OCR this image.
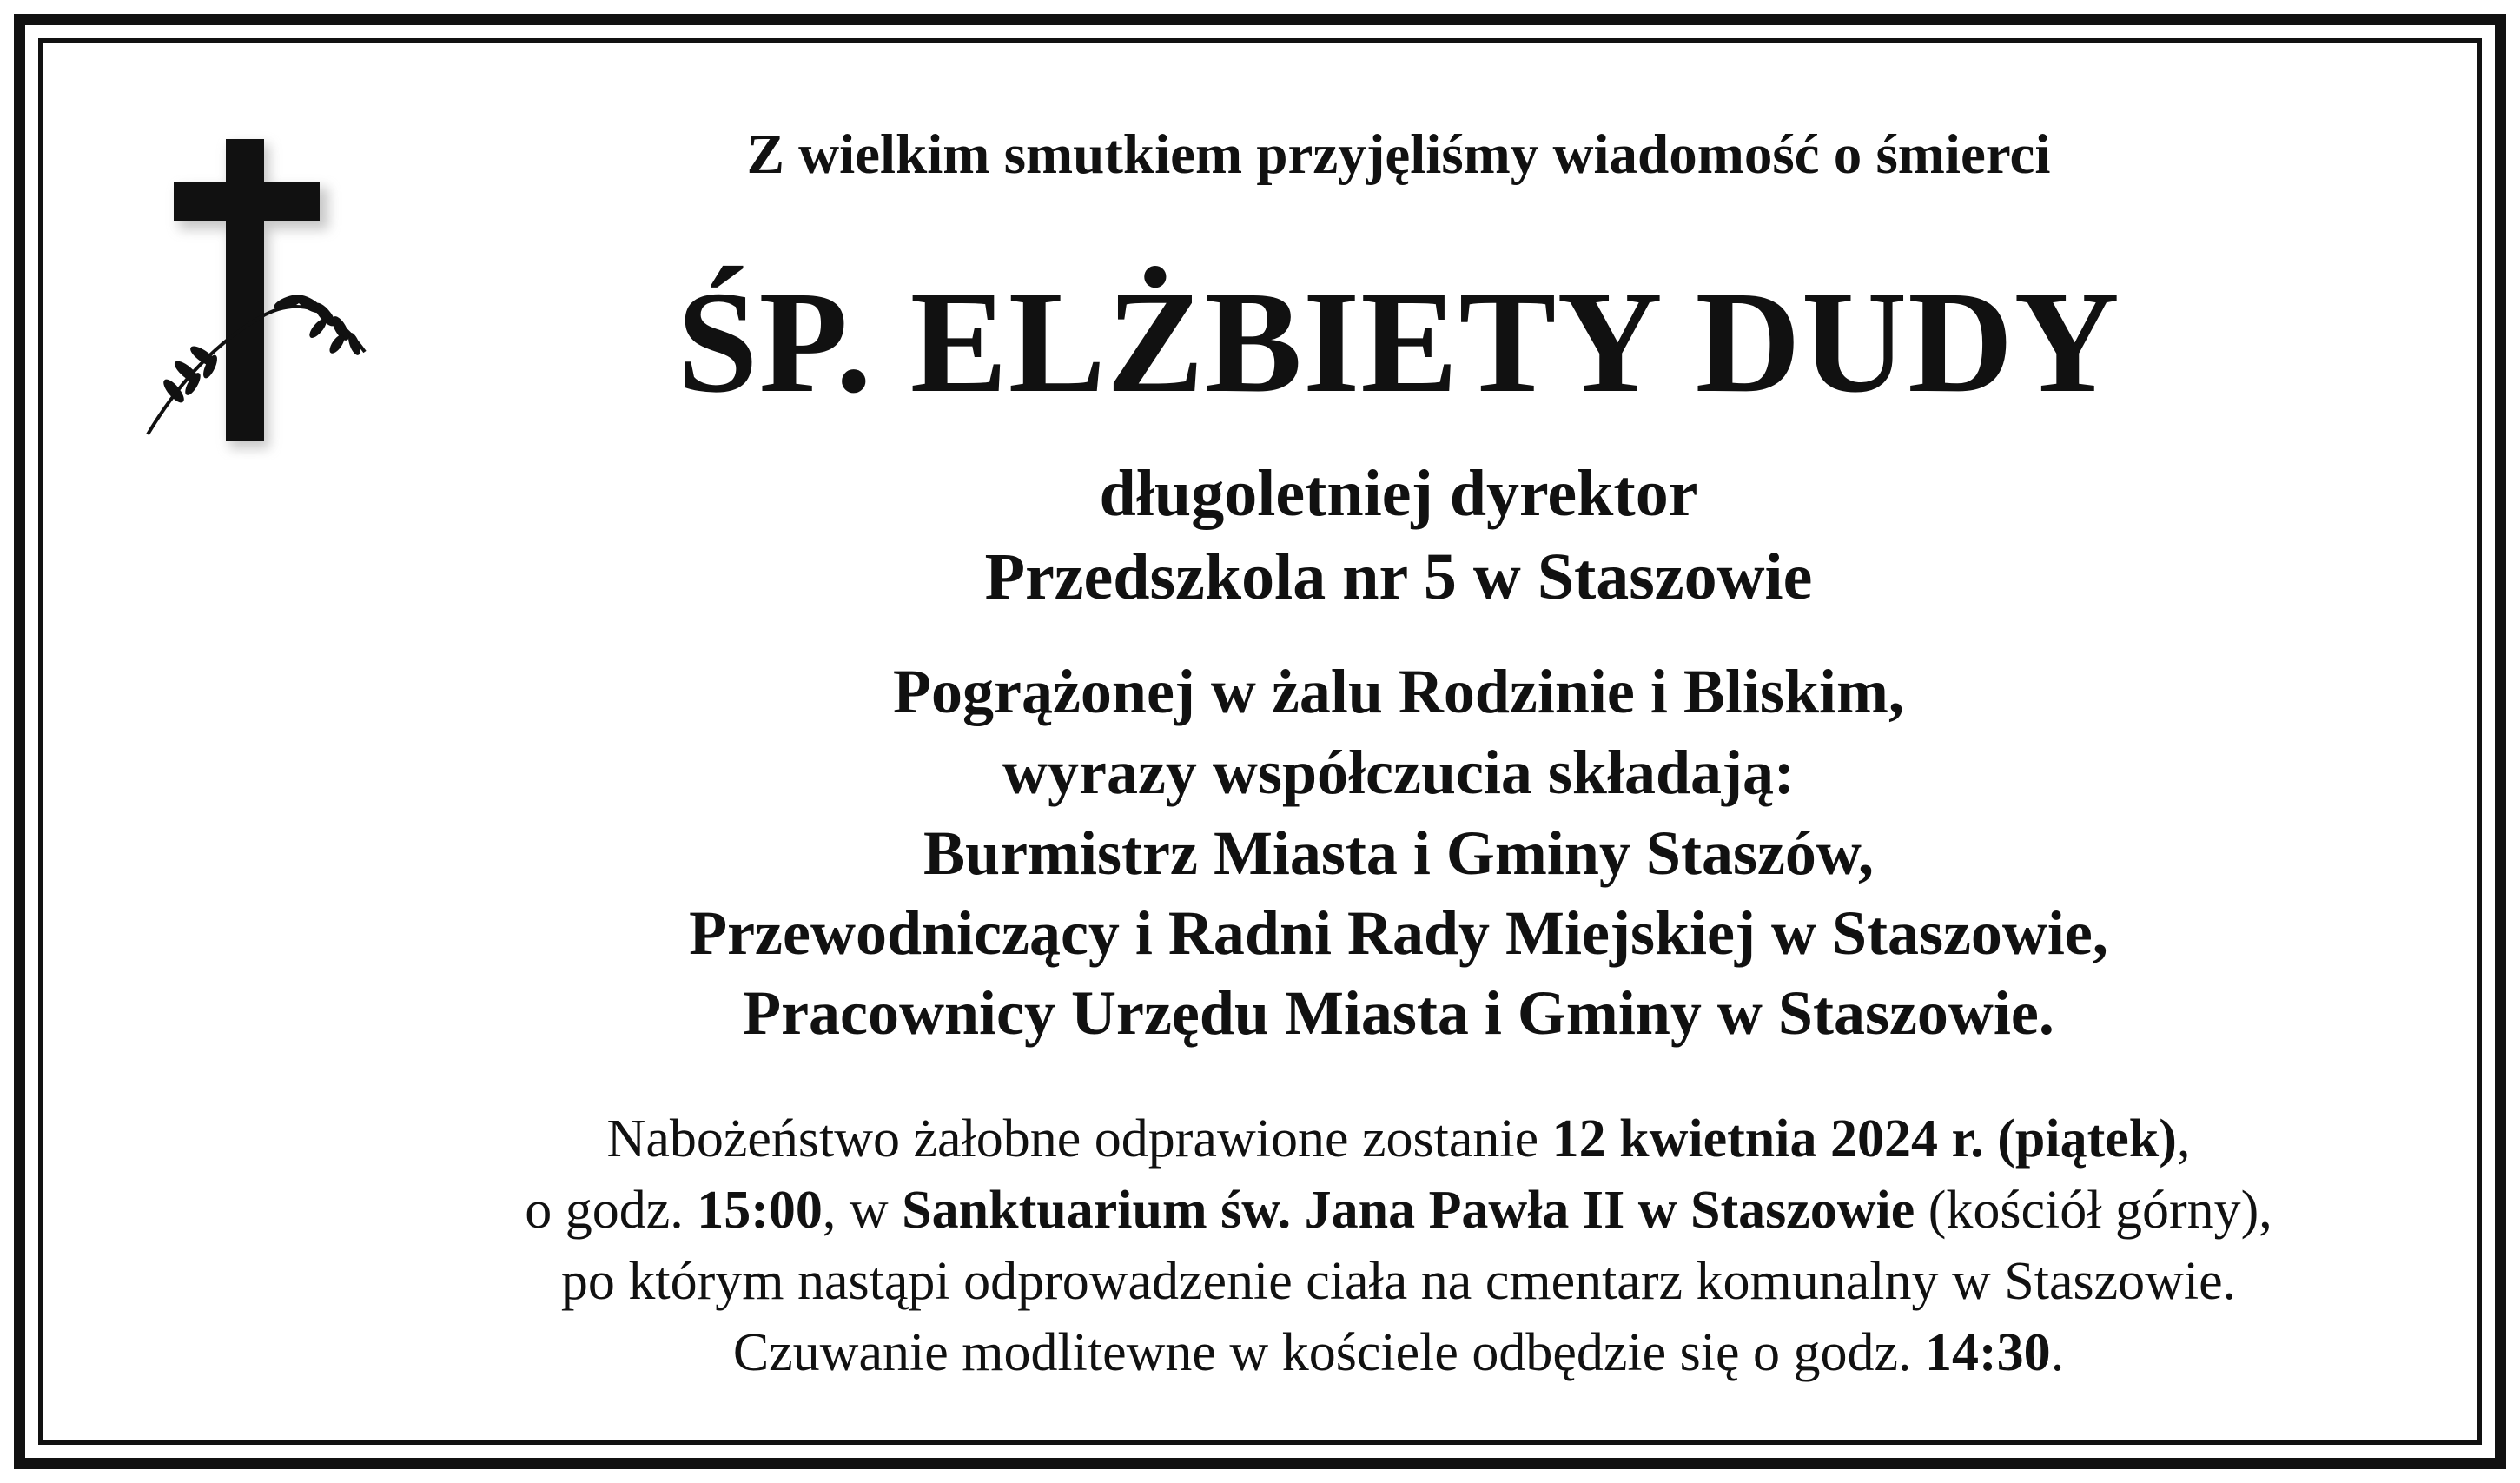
Z wielkim smutkiem przyjęliśmy wiadomość o śmierci
ŚP. ELŻBIETY DUDY
długoletniej dyrektor
Przedszkola nr 5 w Staszowie
Pogrążonej w żalu Rodzinie i Bliskim,
wyrazy współczucia składają:
Burmistrz Miasta i Gminy Staszów,
Przewodniczący i Radni Rady Miejskiej w Staszowie,
Pracownicy Urzędu Miasta i Gminy w Staszowie.
Nabożeństwo żałobne odprawione zostanie 12 kwietnia 2024 r. (piątek),
o godz. 15:00, w Sanktuarium św. Jana Pawła II w Staszowie (kościół górny),
po którym nastąpi odprowadzenie ciała na cmentarz komunalny w Staszowie.
Czuwanie modlitewne w kościele odbędzie się o godz. 14:30.
